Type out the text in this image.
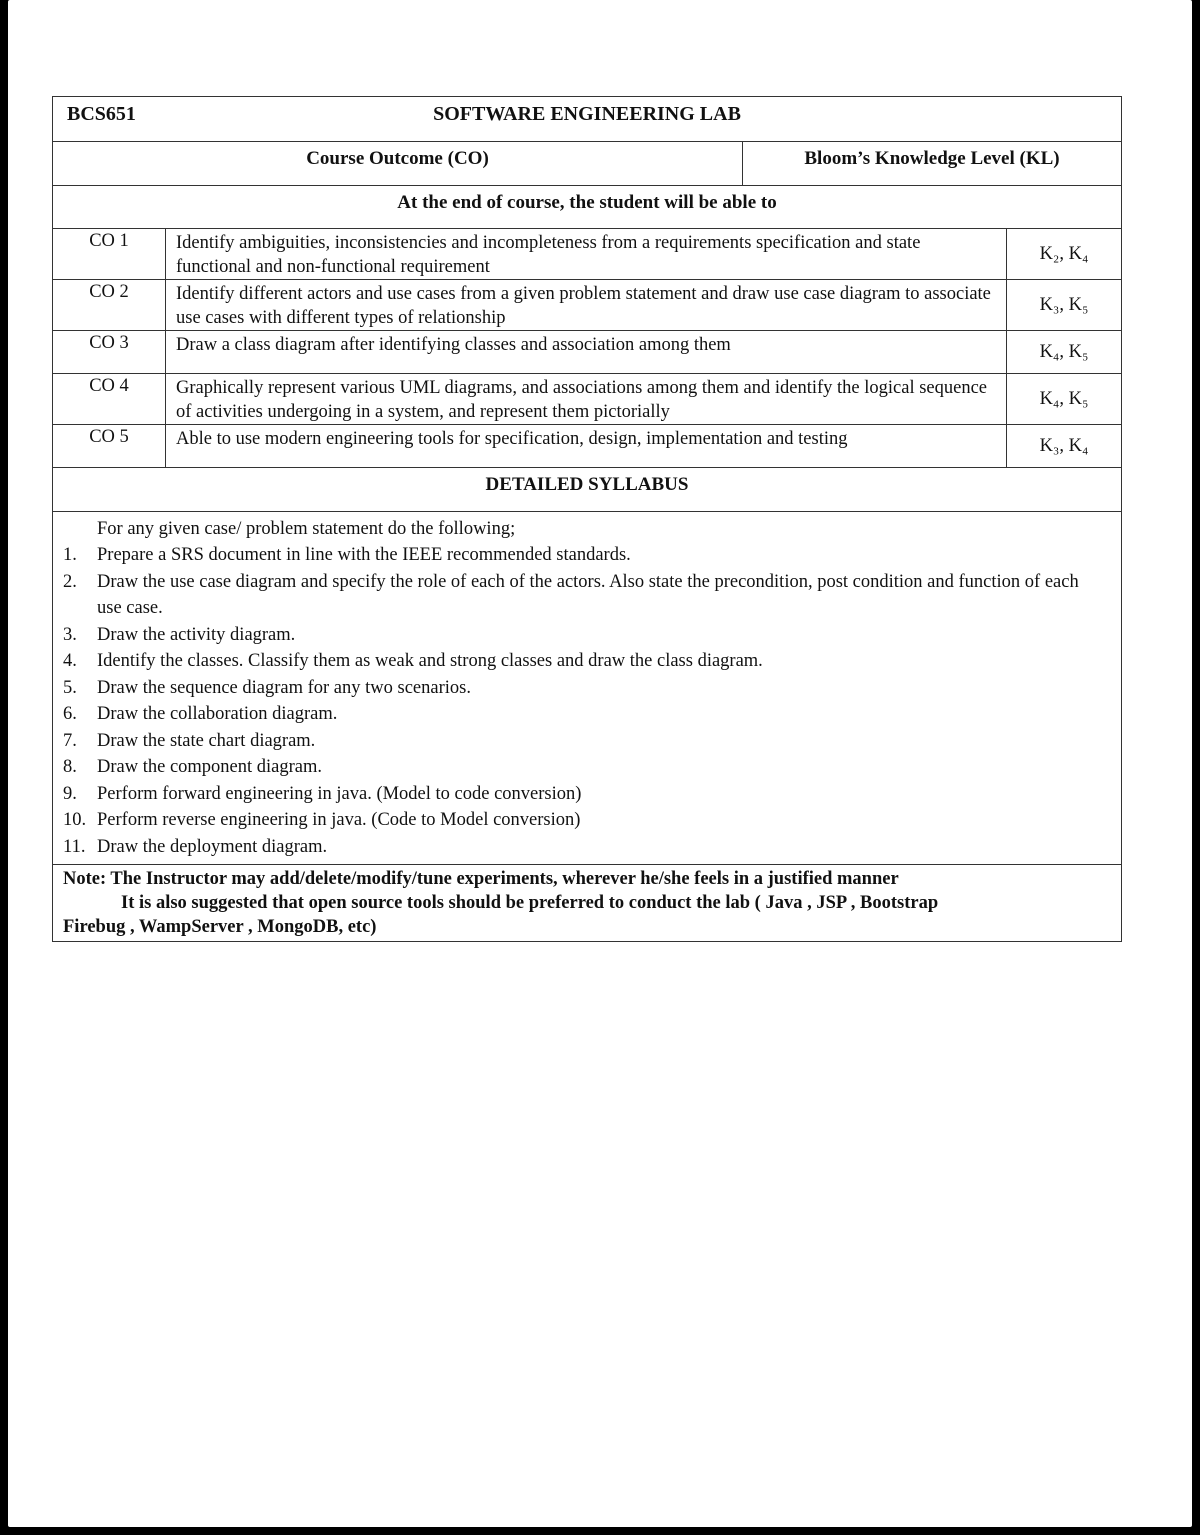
BCS651	SOFTWARE ENGINEERING LAB
Course Outcome (CO)	Bloom’s Knowledge Level (KL)
At the end of course, the student will be able to
CO 1	Identify ambiguities, inconsistencies and incompleteness from a requirements specification and state functional and non-functional requirement	K₂, K₄
CO 2	Identify different actors and use cases from a given problem statement and draw use case diagram to associate use cases with different types of relationship	K₃, K₅
CO 3	Draw a class diagram after identifying classes and association among them	K₄, K₅
CO 4	Graphically represent various UML diagrams, and associations among them and identify the logical sequence of activities undergoing in a system, and represent them pictorially	K₄, K₅
CO 5	Able to use modern engineering tools for specification, design, implementation and testing	K₃, K₄
DETAILED SYLLABUS
For any given case/ problem statement do the following;
1.	Prepare a SRS document in line with the IEEE recommended standards.
2.	Draw the use case diagram and specify the role of each of the actors. Also state the precondition, post condition and function of each use case.
3.	Draw the activity diagram.
4.	Identify the classes. Classify them as weak and strong classes and draw the class diagram.
5.	Draw the sequence diagram for any two scenarios.
6.	Draw the collaboration diagram.
7.	Draw the state chart diagram.
8.	Draw the component diagram.
9.	Perform forward engineering in java. (Model to code conversion)
10. Perform reverse engineering in java. (Code to Model conversion)
11. Draw the deployment diagram.
Note: The Instructor may add/delete/modify/tune experiments, wherever he/she feels in a justified manner
It is also suggested that open source tools should be preferred to conduct the lab ( Java , JSP , Bootstrap
Firebug , WampServer , MongoDB, etc)
